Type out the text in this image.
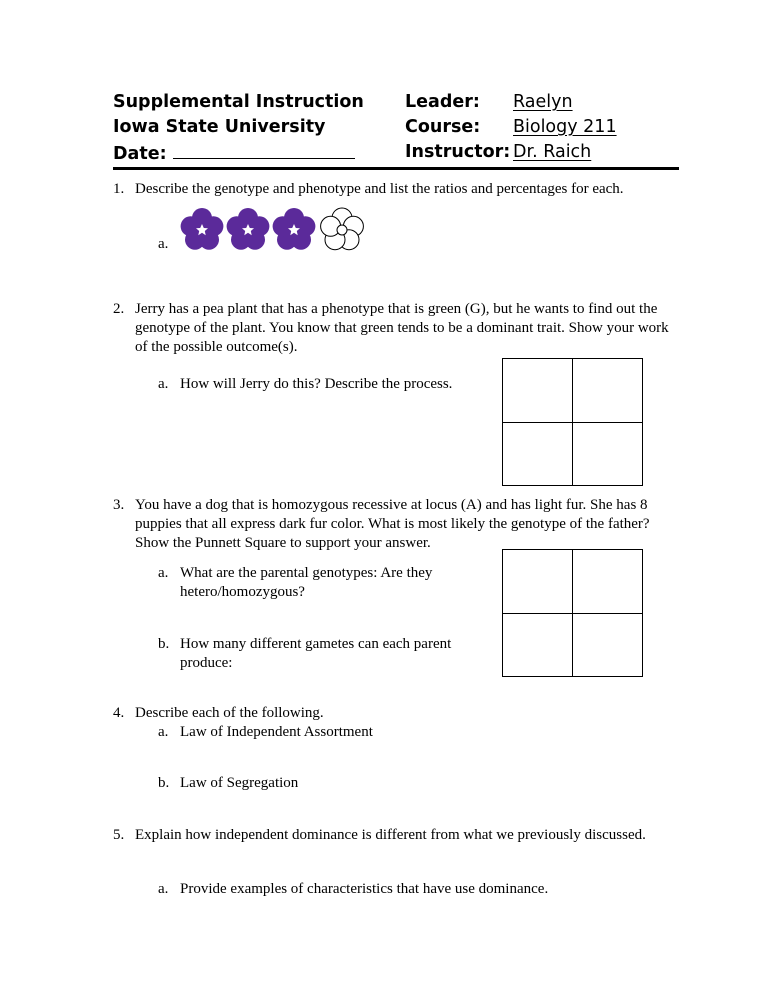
Supplemental Instruction
Iowa State University
Date:
Leader:
Course:
Instructor:
Raelyn
Biology 211
Dr. Raich
1. Describe the genotype and phenotype and list the ratios and percentages for each.
a.
2. Jerry has a pea plant that has a phenotype that is green (G), but he wants to find out the genotype of the plant. You know that green tends to be a dominant trait. Show your work of the possible outcome(s).
a. How will Jerry do this? Describe the process.
3. You have a dog that is homozygous recessive at locus (A) and has light fur. She has 8 puppies that all express dark fur color. What is most likely the genotype of the father? Show the Punnett Square to support your answer.
a. What are the parental genotypes: Are they hetero/homozygous?
b. How many different gametes can each parent produce:
4. Describe each of the following.
a. Law of Independent Assortment
b. Law of Segregation
5. Explain how independent dominance is different from what we previously discussed.
a. Provide examples of characteristics that have use dominance.
